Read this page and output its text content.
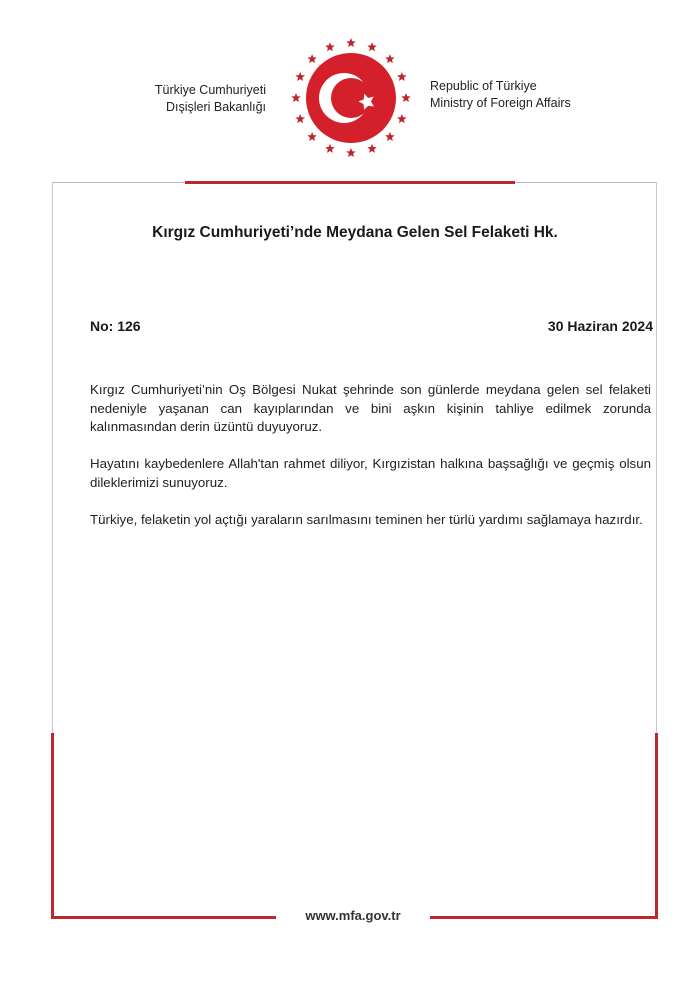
Türkiye Cumhuriyeti
Dışişleri Bakanlığı
Republic of Türkiye
Ministry of Foreign Affairs
Kırgız Cumhuriyeti’nde Meydana Gelen Sel Felaketi Hk.
No: 126	30 Haziran 2024

Kırgız Cumhuriyeti’nin Oş Bölgesi Nukat şehrinde son günlerde meydana gelen sel felaketi nedeniyle yaşanan can kayıplarından ve bini aşkın kişinin tahliye edilmek zorunda kalınmasından derin üzüntü duyuyoruz.

Hayatını kaybedenlere Allah'tan rahmet diliyor, Kırgızistan halkına başsağlığı ve geçmiş olsun dileklerimizi sunuyoruz.

Türkiye, felaketin yol açtığı yaraların sarılmasını teminen her türlü yardımı sağlamaya hazırdır.

www.mfa.gov.tr
